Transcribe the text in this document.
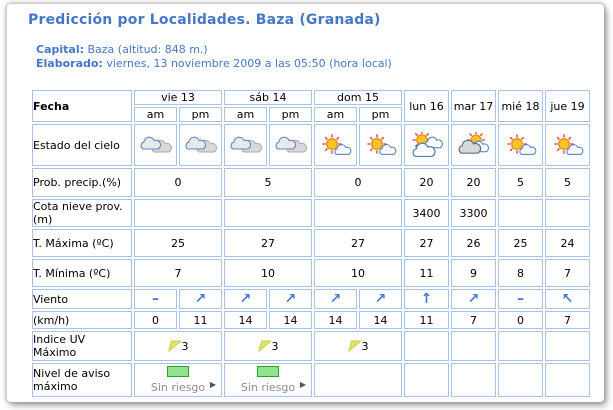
Predicción por Localidades. Baza (Granada)
Capital: Baza (altitud: 848 m.)
Elaborado: viernes, 13 noviembre 2009 a las 05:50 (hora local)
Fecha	vie 13		sáb 14		dom 15		lun 16	mar 17	mié 18	jue 19
	am	pm	am	pm	am	pm				
Estado del cielo	

Prob. precip.(%)	0		5		0		20	20	5	5
Cota nieve prov.(m)							3400	3300		
T. Máxima (ºC)	25		27		27		27	26	25	24
T. Mínima (ºC)	7		10		10		11	9	8	7
Viento	–	↗	↗	↗	↗	↗	↑	↗	–	↖
(km/h)	0	11	14	14	14	14	11	7	0	7
Indice UV Máximo	3		3		3					

Nivel de aviso máximo	Sin riesgo ▶		Sin riesgo ▶							
